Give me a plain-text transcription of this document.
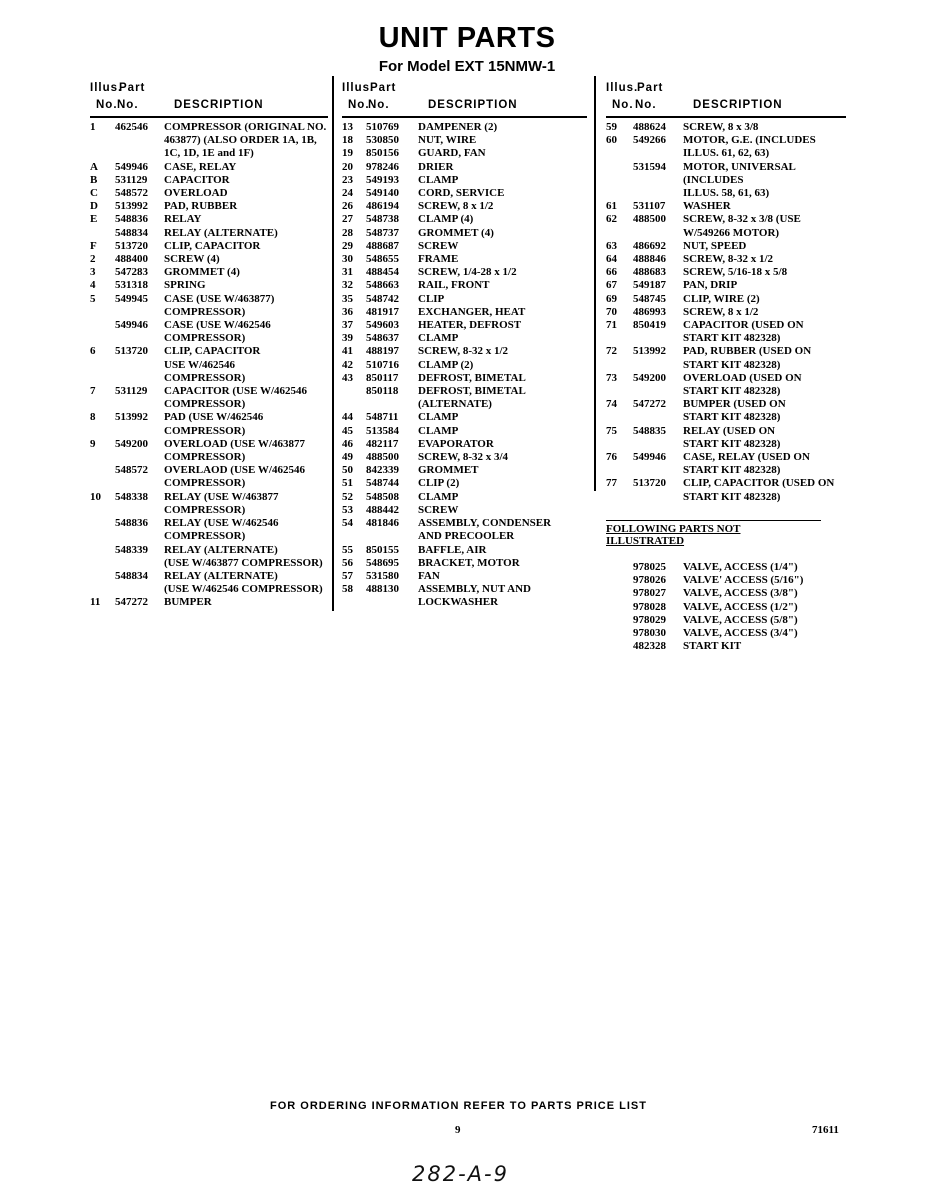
UNIT PARTS
For Model EXT 15NMW-1
Illus.
Part
No. No.	DESCRIPTION
1 462546 COMPRESSOR (ORIGINAL NO.
463877) (ALSO ORDER 1A, 1B,
1C, 1D, 1E and 1F)
A 549946 CASE, RELAY
B 531129 CAPACITOR
C 548572 OVERLOAD
D 513992 PAD, RUBBER
E 548836 RELAY
548834 RELAY (ALTERNATE)
F 513720 CLIP, CAPACITOR
2 488400 SCREW (4)
3 547283 GROMMET (4)
4 531318 SPRING
5 549945 CASE (USE W/463877)
COMPRESSOR)
549946 CASE (USE W/462546
COMPRESSOR)
6 513720 CLIP, CAPACITOR
USE W/462546
COMPRESSOR)
7 531129 CAPACITOR (USE W/462546
COMPRESSOR)
8 513992 PAD (USE W/462546
COMPRESSOR)
9 549200 OVERLOAD (USE W/463877
COMPRESSOR)
548572 OVERLAOD (USE W/462546
COMPRESSOR)
10 548338 RELAY (USE W/463877
COMPRESSOR)
548836 RELAY (USE W/462546
COMPRESSOR)
548339 RELAY (ALTERNATE)
(USE W/463877 COMPRESSOR)
548834 RELAY (ALTERNATE)
(USE W/462546 COMPRESSOR)
11 547272 BUMPER
Illus.
Part
No.
No.	DESCRIPTION
13 510769 DAMPENER (2)
18 530850 NUT, WIRE
19 850156 GUARD, FAN
20 978246 DRIER
23 549193 CLAMP
24 549140 CORD, SERVICE
26 486194 SCREW, 8 x 1/2
27 548738 CLAMP (4)
28 548737 GROMMET (4)
29 488687 SCREW
30 548655 FRAME
31 488454 SCREW, 1/4-28 x 1/2
32 548663 RAIL, FRONT
35 548742 CLIP
36 481917 EXCHANGER, HEAT
37 549603 HEATER, DEFROST
39 548637 CLAMP
41 488197 SCREW, 8-32 x 1/2
42 510716 CLAMP (2)
43 850117 DEFROST, BIMETAL
850118 DEFROST, BIMETAL
(ALTERNATE)
44 548711 CLAMP
45 513584 CLAMP
46 482117 EVAPORATOR
49 488500 SCREW, 8-32 x 3/4
50 842339 GROMMET
51 548744 CLIP (2)
52 548508 CLAMP
53 488442 SCREW
54 481846 ASSEMBLY, CONDENSER
AND PRECOOLER
55 850155 BAFFLE, AIR
56 548695 BRACKET, MOTOR
57 531580 FAN
58 488130 ASSEMBLY, NUT AND
LOCKWASHER
Illus.
Part
No. No.	DESCRIPTION
59 488624 SCREW, 8 x 3/8
60 549266 MOTOR, G.E. (INCLUDES
ILLUS. 61, 62, 63)
531594 MOTOR, UNIVERSAL (INCLUDES
ILLUS. 58, 61, 63)
61 531107 WASHER
62 488500 SCREW, 8-32 x 3/8 (USE
W/549266 MOTOR)
63 486692 NUT, SPEED
64 488846 SCREW, 8-32 x 1/2
66 488683 SCREW, 5/16-18 x 5/8
67 549187 PAN, DRIP
69 548745 CLIP, WIRE (2)
70 486993 SCREW, 8 x 1/2
71 850419 CAPACITOR (USED ON
START KIT 482328)
72 513992 PAD, RUBBER (USED ON
START KIT 482328)
73 549200 OVERLOAD (USED ON
START KIT 482328)
74 547272 BUMPER (USED ON
START KIT 482328)
75 548835 RELAY (USED ON
START KIT 482328)
76 549946 CASE, RELAY (USED ON
START KIT 482328)
77 513720 CLIP, CAPACITOR (USED ON
START KIT 482328)
FOLLOWING PARTS NOT ILLUSTRATED
978025 VALVE, ACCESS (1/4")
978026 VALVE' ACCESS (5/16")
978027 VALVE, ACCESS (3/8")
978028 VALVE, ACCESS (1/2")
978029 VALVE, ACCESS (5/8")
978030 VALVE, ACCESS (3/4")
482328 START KIT
FOR ORDERING INFORMATION REFER TO PARTS PRICE LIST
9	71611
282-A-9
